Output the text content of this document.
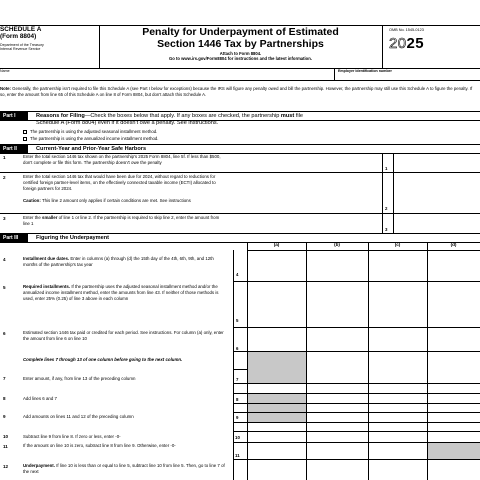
SCHEDULE A
(Form 8804)
Department of the Treasury
Internal Revenue Service
Penalty for Underpayment of Estimated
Section 1446 Tax by Partnerships
Attach to Form 8804.
Go to www.irs.gov/Form8804 for instructions and the latest information.
OMB No. 1545-0123
2025
Name	Employer identification number
Note: Generally, the partnership isn't required to file this Schedule A (see Part I below for exceptions) because the IRS will figure any penalty owed and bill the partnership. However, the partnership may still use this Schedule A to figure the penalty. If so, enter the amount from line 65 of this Schedule A on line 8 of Form 8804, but don't attach this Schedule A.
Part I	Reasons for Filing—Check the boxes below that apply. If any boxes are checked, the partnership must file
Schedule A (Form 8804) even if it doesn't owe a penalty. See instructions.
The partnership is using the adjusted seasonal installment method.
The partnership is using the annualized income installment method.
Part II	Current-Year and Prior-Year Safe Harbors
1	Enter the total section 1446 tax shown on the partnership's 2025 Form 8804, line 5f. If less than $500,
don't complete or file this form. The partnership doesn't owe the penalty
1
2	Enter the total section 1446 tax that would have been due for 2024, without regard to reductions for
certified foreign partner-level items, on the effectively connected taxable income (ECTI) allocated to
foreign partners for 2024.
Caution: This line 2 amount only applies if certain conditions are met. See instructions
2
3	Enter the smaller of line 1 or line 2. If the partnership is required to skip line 2, enter the amount from
line 1
3
Part III	Figuring the Underpayment
(a)	(b)	(c)	(d)
4	Installment due dates. Enter in columns (a) through (d) the 15th day of the 4th, 6th, 9th, and 12th months of the partnership's tax year
4
5	Required installments. If the partnership uses the adjusted seasonal installment method and/or the annualized income installment method, enter the amounts from line 43. If neither of those methods is used, enter 25% (0.25) of line 3 above in each column
5
6	Estimated section 1446 tax paid or credited for each period. See instructions. For column (a) only, enter the amount from line 6 on line 10
6
Complete lines 7 through 13 of one column before going to the next column.
7	Enter amount, if any, from line 13 of the preceding column	7
8	Add lines 6 and 7	8
9	Add amounts on lines 11 and 12 of the preceding column	9
10	Subtract line 9 from line 8. If zero or less, enter -0-	10
11	If the amount on line 10 is zero, subtract line 8 from line 9. Otherwise, enter -0-
11
12	Underpayment. If line 10 is less than or equal to line 5, subtract line 10 from line 5. Then, go to line 7 of the next
